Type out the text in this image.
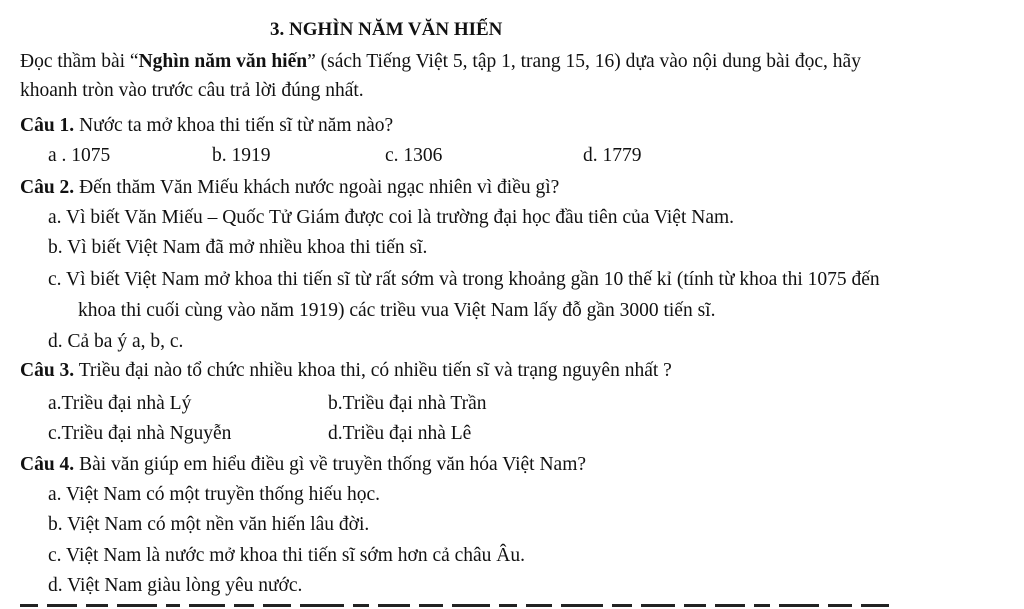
3. NGHÌN NĂM VĂN HIẾN
Đọc thầm bài “Nghìn năm văn hiến” (sách Tiếng Việt 5, tập 1, trang 15, 16) dựa vào nội dung bài đọc, hãy
khoanh tròn vào trước câu trả lời đúng nhất.
Câu 1. Nước ta mở khoa thi tiến sĩ từ năm nào?
a . 1075	b. 1919	c. 1306	d. 1779
Câu 2. Đến thăm Văn Miếu khách nước ngoài ngạc nhiên vì điều gì?
a. Vì biết Văn Miếu – Quốc Tử Giám được coi là trường đại học đầu tiên của Việt Nam.
b. Vì biết Việt Nam đã mở nhiều khoa thi tiến sĩ.
c. Vì biết Việt Nam mở khoa thi tiến sĩ từ rất sớm và trong khoảng gần 10 thế kỉ (tính từ khoa thi 1075 đến
khoa thi cuối cùng vào năm 1919) các triều vua Việt Nam lấy đỗ gần 3000 tiến sĩ.
d. Cả ba ý a, b, c.
Câu 3. Triều đại nào tổ chức nhiều khoa thi, có nhiều tiến sĩ và trạng nguyên nhất ?
a.Triều đại nhà Lý	b.Triều đại nhà Trần
c.Triều đại nhà Nguyễn	d.Triều đại nhà Lê
Câu 4. Bài văn giúp em hiểu điều gì về truyền thống văn hóa Việt Nam?
a. Việt Nam có một truyền thống hiếu học.
b. Việt Nam có một nền văn hiến lâu đời.
c. Việt Nam là nước mở khoa thi tiến sĩ sớm hơn cả châu Âu.
d. Việt Nam giàu lòng yêu nước.
